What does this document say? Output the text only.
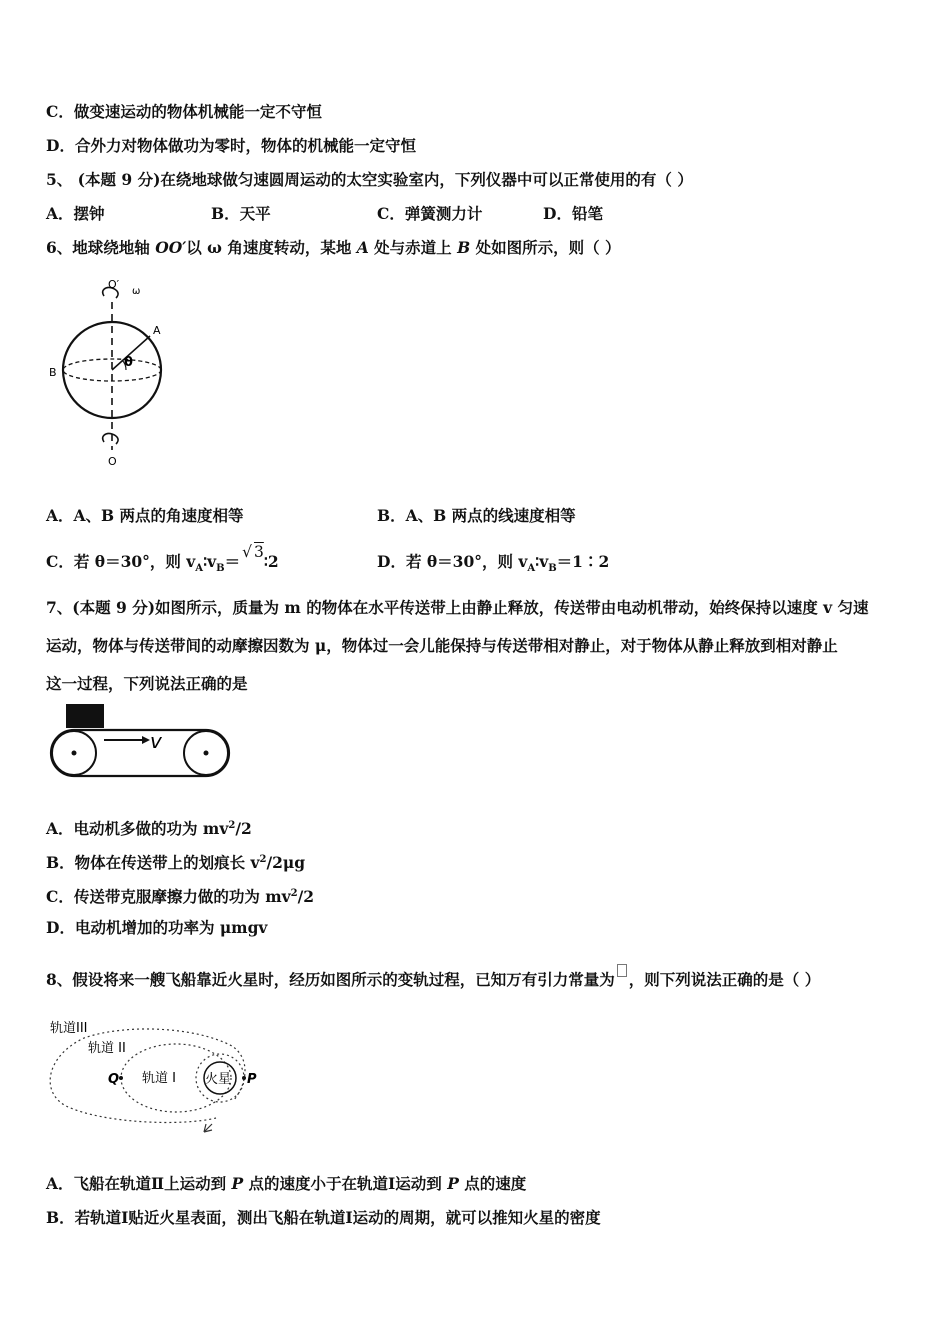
C．做变速运动的物体机械能一定不守恒
D．合外力对物体做功为零时，物体的机械能一定守恒
5、 (本题 9 分)在绕地球做匀速圆周运动的太空实验室内，下列仪器中可以正常使用的有（ ）
A．摆钟	B．天平	C．弹簧测力计	D．铅笔
6、地球绕地轴 OO′以 ω 角速度转动，某地 A 处与赤道上 B 处如图所示，则（ ）
O′
ω
A
B
θ
O
A．A、B 两点的角速度相等	B．A、B 两点的线速度相等
C．若 θ＝30°，则 $v_A∶v_B=$ √ 3∶2	D．若 θ＝30°，则 $v_A∶v_B=1∶2$
7、(本题 9 分)如图所示，质量为 m 的物体在水平传送带上由静止释放，传送带由电动机带动，始终保持以速度 v 匀速
运动，物体与传送带间的动摩擦因数为 μ，物体过一会儿能保持与传送带相对静止，对于物体从静止释放到相对静止
这一过程，下列说法正确的是
v
A．电动机多做的功为 $mv^2/2$
B．物体在传送带上的划痕长 $v^2/2\mu g$
C．传送带克服摩擦力做的功为 $mv^2/2$
D．电动机增加的功率为 μmgv
8、假设将来一艘飞船靠近火星时，经历如图所示的变轨过程，已知万有引力常量为 ，则下列说法正确的是（ ）
轨道III
轨道 II
轨道 I 火星
Q	P
A．飞船在轨道Ⅱ上运动到 P 点的速度小于在轨道Ⅰ运动到 P 点的速度
B．若轨道Ⅰ贴近火星表面，测出飞船在轨道Ⅰ运动的周期，就可以推知火星的密度
